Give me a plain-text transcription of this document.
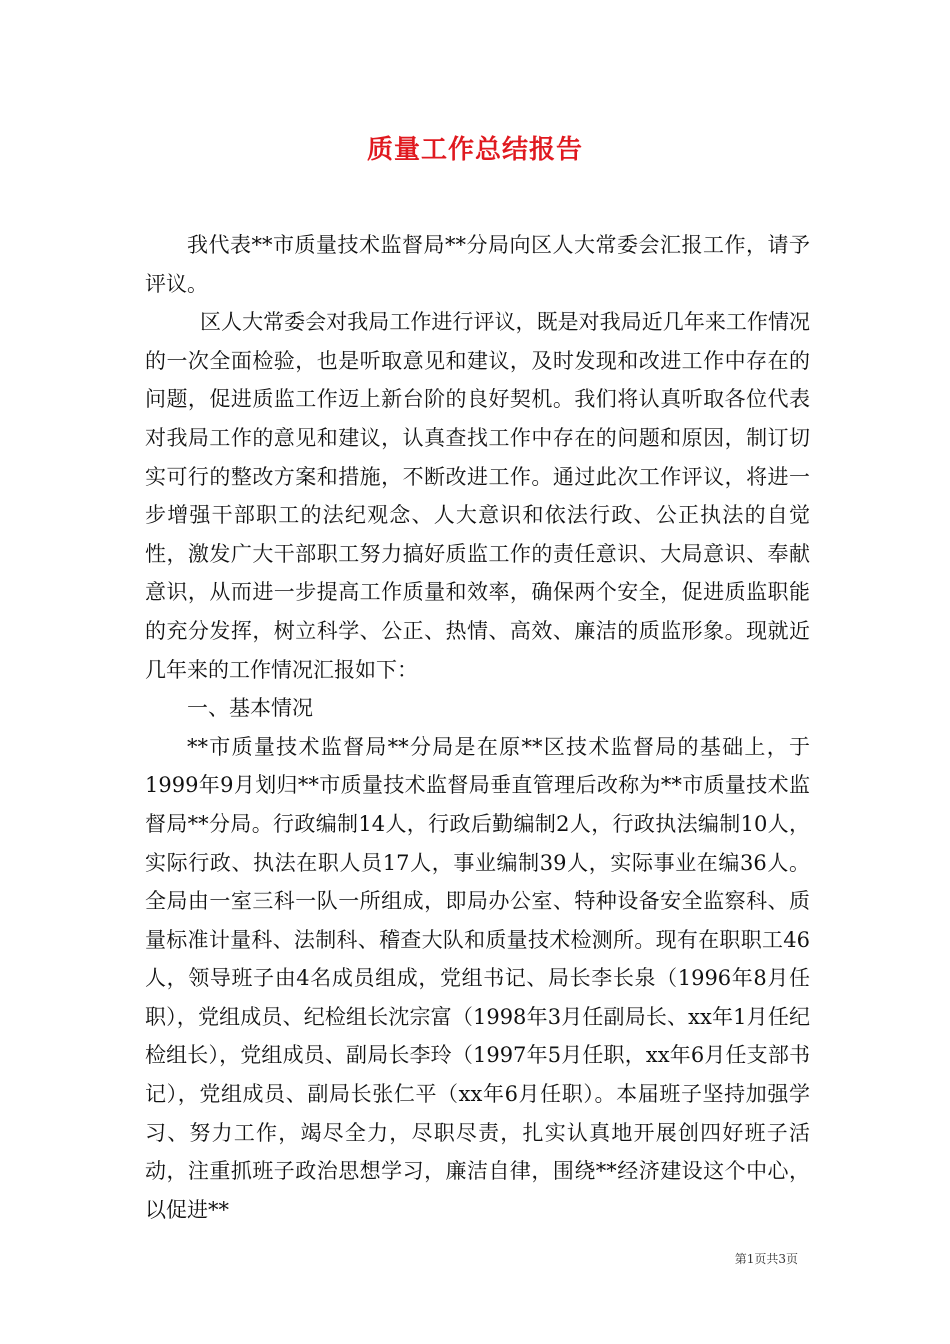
质量工作总结报告

我代表**市质量技术监督局**分局向区人大常委会汇报工作，请予评议。

区人大常委会对我局工作进行评议，既是对我局近几年来工作情况的一次全面检验，也是听取意见和建议，及时发现和改进工作中存在的问题，促进质监工作迈上新台阶的良好契机。我们将认真听取各位代表对我局工作的意见和建议，认真查找工作中存在的问题和原因，制订切实可行的整改方案和措施，不断改进工作。通过此次工作评议，将进一步增强干部职工的法纪观念、人大意识和依法行政、公正执法的自觉性，激发广大干部职工努力搞好质监工作的责任意识、大局意识、奉献意识，从而进一步提高工作质量和效率，确保两个安全，促进质监职能的充分发挥，树立科学、公正、热情、高效、廉洁的质监形象。现就近几年来的工作情况汇报如下：

一、基本情况

**市质量技术监督局**分局是在原**区技术监督局的基础上，于1999年9月划归**市质量技术监督局垂直管理后改称为**市质量技术监督局**分局。行政编制14人，行政后勤编制2人，行政执法编制10人，实际行政、执法在职人员17人，事业编制39人，实际事业在编36人。全局由一室三科一队一所组成，即局办公室、特种设备安全监察科、质量标准计量科、法制科、稽查大队和质量技术检测所。现有在职职工46人，领导班子由4名成员组成，党组书记、局长李长泉（1996年8月任职），党组成员、纪检组长沈宗富（1998年3月任副局长、xx年1月任纪检组长），党组成员、副局长李玲（1997年5月任职，xx年6月任支部书记），党组成员、副局长张仁平（xx年6月任职）。本届班子坚持加强学习、努力工作，竭尽全力，尽职尽责，扎实认真地开展创四好班子活动，注重抓班子政治思想学习，廉洁自律，围绕**经济建设这个中心，以促进**

第1页共3页
